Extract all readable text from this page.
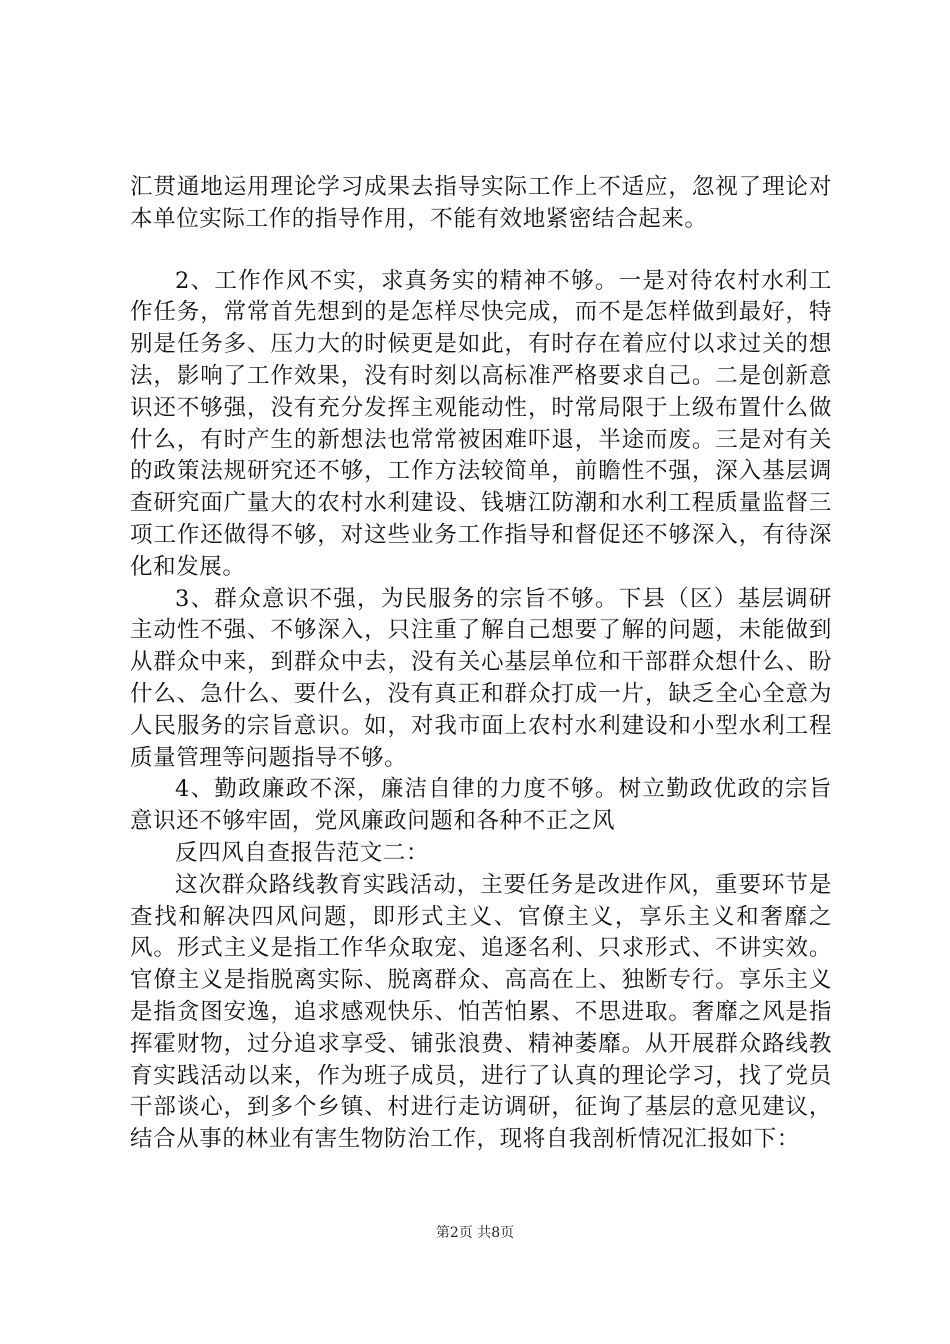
汇贯通地运用理论学习成果去指导实际工作上不适应，忽视了理论对本单位实际工作的指导作用，不能有效地紧密结合起来。

2、工作作风不实，求真务实的精神不够。一是对待农村水利工作任务，常常首先想到的是怎样尽快完成，而不是怎样做到最好，特别是任务多、压力大的时候更是如此，有时存在着应付以求过关的想法，影响了工作效果，没有时刻以高标准严格要求自己。二是创新意识还不够强，没有充分发挥主观能动性，时常局限于上级布置什么做什么，有时产生的新想法也常常被困难吓退，半途而废。三是对有关的政策法规研究还不够，工作方法较简单，前瞻性不强，深入基层调查研究面广量大的农村水利建设、钱塘江防潮和水利工程质量监督三项工作还做得不够，对这些业务工作指导和督促还不够深入，有待深化和发展。

3、群众意识不强，为民服务的宗旨不够。下县（区）基层调研主动性不强、不够深入，只注重了解自己想要了解的问题，未能做到从群众中来，到群众中去，没有关心基层单位和干部群众想什么、盼什么、急什么、要什么，没有真正和群众打成一片，缺乏全心全意为人民服务的宗旨意识。如，对我市面上农村水利建设和小型水利工程质量管理等问题指导不够。

4、勤政廉政不深，廉洁自律的力度不够。树立勤政优政的宗旨意识还不够牢固，党风廉政问题和各种不正之风

反四风自查报告范文二：

这次群众路线教育实践活动，主要任务是改进作风，重要环节是查找和解决四风问题，即形式主义、官僚主义，享乐主义和奢靡之风。形式主义是指工作华众取宠、追逐名利、只求形式、不讲实效。官僚主义是指脱离实际、脱离群众、高高在上、独断专行。享乐主义是指贪图安逸，追求感观快乐、怕苦怕累、不思进取。奢靡之风是指挥霍财物，过分追求享受、铺张浪费、精神萎靡。从开展群众路线教育实践活动以来，作为班子成员，进行了认真的理论学习，找了党员干部谈心，到多个乡镇、村进行走访调研，征询了基层的意见建议，结合从事的林业有害生物防治工作，现将自我剖析情况汇报如下：

第2页 共8页
